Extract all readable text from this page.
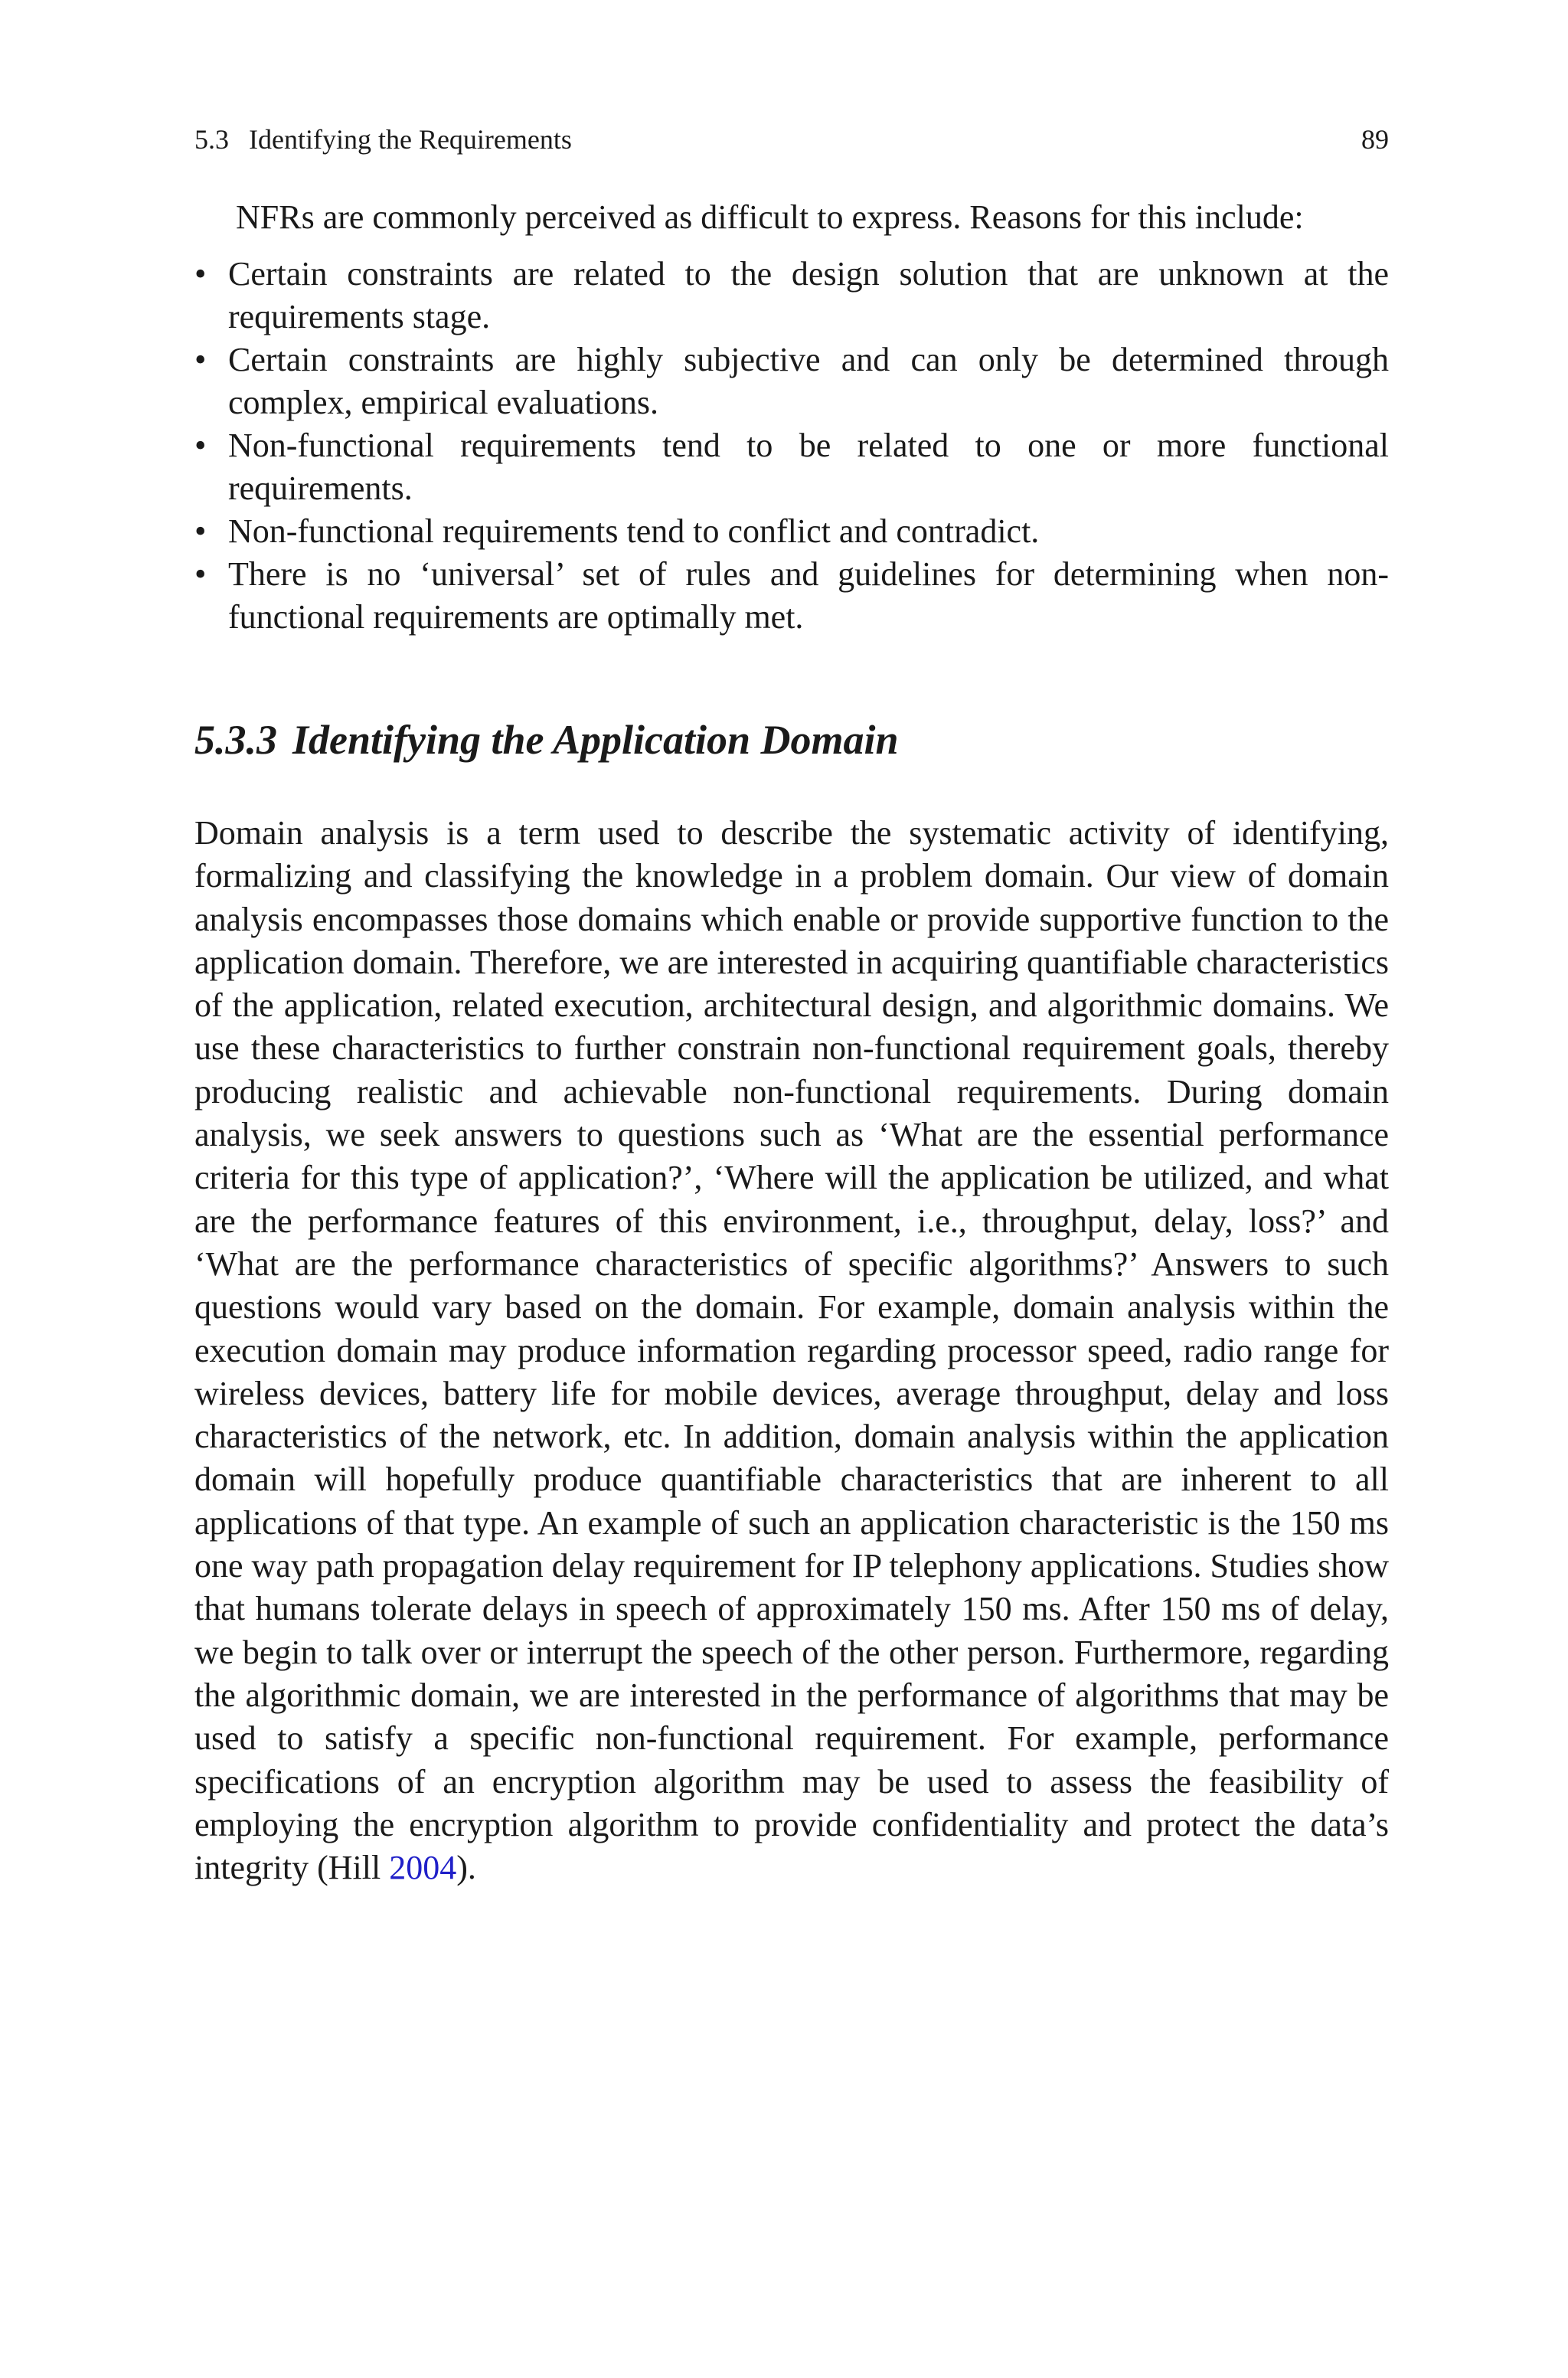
5.3 Identifying the Requirements	89

NFRs are commonly perceived as difficult to express. Reasons for this include:

• Certain constraints are related to the design solution that are unknown at the requirements stage.
• Certain constraints are highly subjective and can only be determined through complex, empirical evaluations.
• Non-functional requirements tend to be related to one or more functional requirements.
• Non-functional requirements tend to conflict and contradict.
• There is no ‘universal’ set of rules and guidelines for determining when non-functional requirements are optimally met.
5.3.3 Identifying the Application Domain

Domain analysis is a term used to describe the systematic activity of identifying, formalizing and classifying the knowledge in a problem domain. Our view of domain analysis encompasses those domains which enable or provide supportive function to the application domain. Therefore, we are interested in acquiring quantifiable characteristics of the application, related execution, architectural design, and algorithmic domains. We use these characteristics to further constrain non-functional requirement goals, thereby producing realistic and achievable non-functional requirements. During domain analysis, we seek answers to questions such as ‘What are the essential performance criteria for this type of application?’, ‘Where will the application be utilized, and what are the performance features of this environment, i.e., throughput, delay, loss?’ and ‘What are the performance characteristics of specific algorithms?’ Answers to such questions would vary based on the domain. For example, domain analysis within the execution domain may produce information regarding processor speed, radio range for wireless devices, battery life for mobile devices, average throughput, delay and loss characteristics of the network, etc. In addition, domain analysis within the application domain will hopefully produce quantifiable characteristics that are inherent to all applications of that type. An example of such an application characteristic is the 150 ms one way path propagation delay requirement for IP telephony applications. Studies show that humans tolerate delays in speech of approximately 150 ms. After 150 ms of delay, we begin to talk over or interrupt the speech of the other person. Furthermore, regarding the algorithmic domain, we are interested in the performance of algorithms that may be used to satisfy a specific non-functional requirement. For example, performance specifications of an encryption algorithm may be used to assess the feasibility of employing the encryption algorithm to provide confidentiality and protect the data’s integrity (Hill 2004).
